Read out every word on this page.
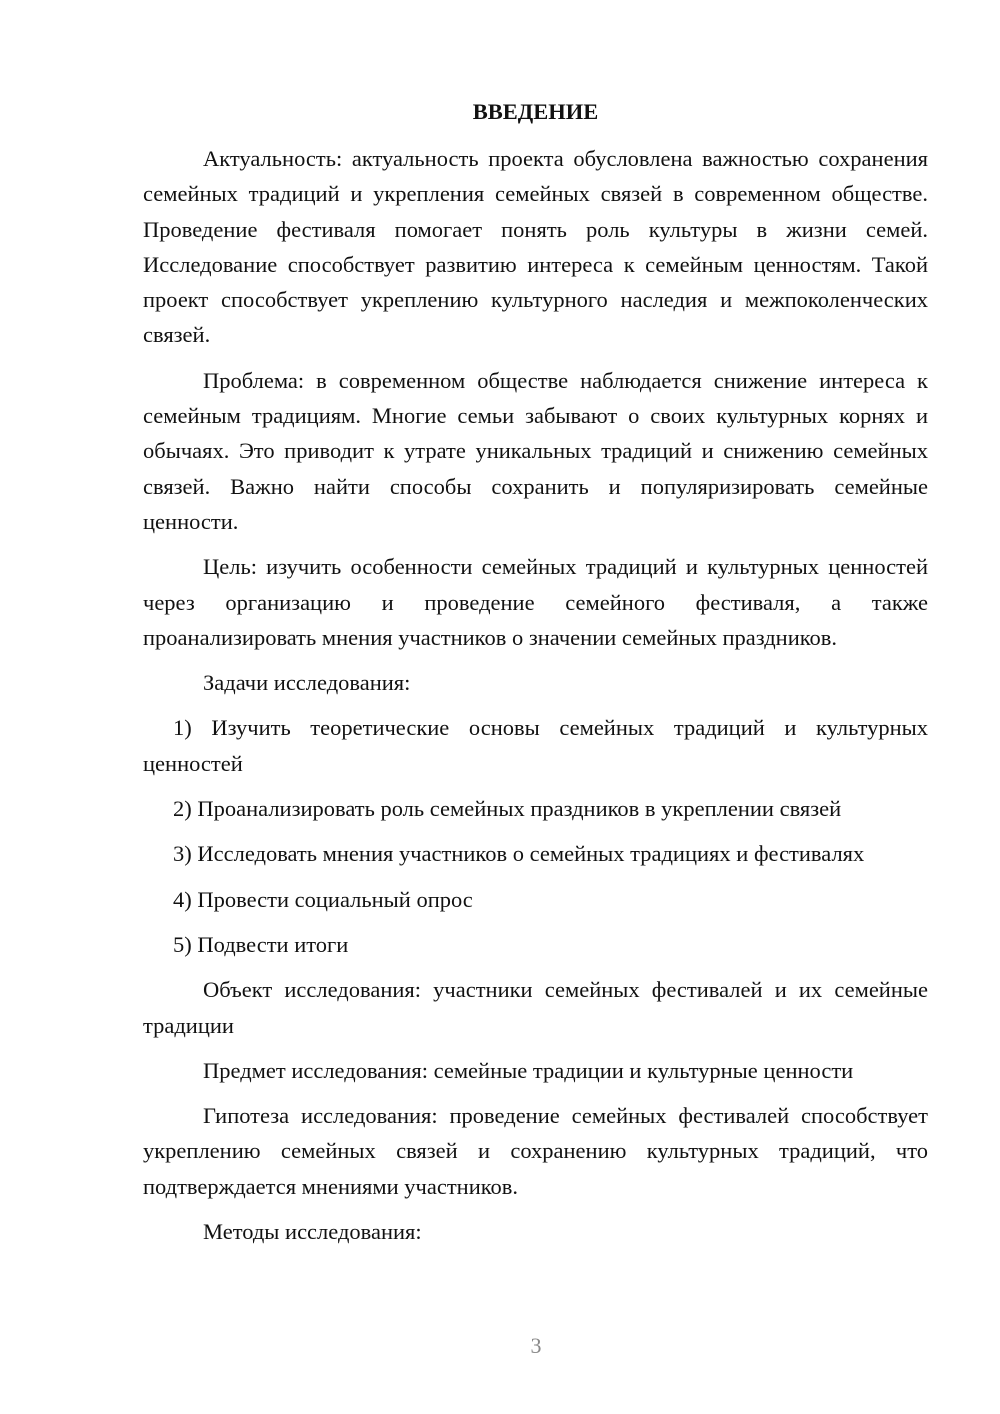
ВВЕДЕНИЕ

Актуальность: актуальность проекта обусловлена важностью сохранения семейных традиций и укрепления семейных связей в современном обществе. Проведение фестиваля помогает понять роль культуры в жизни семей. Исследование способствует развитию интереса к семейным ценностям. Такой проект способствует укреплению культурного наследия и межпоколенческих связей.

Проблема: в современном обществе наблюдается снижение интереса к семейным традициям. Многие семьи забывают о своих культурных корнях и обычаях. Это приводит к утрате уникальных традиций и снижению семейных связей. Важно найти способы сохранить и популяризировать семейные ценности.

Цель: изучить особенности семейных традиций и культурных ценностей через организацию и проведение семейного фестиваля, а также проанализировать мнения участников о значении семейных праздников.

Задачи исследования:

1) Изучить теоретические основы семейных традиций и культурных ценностей

2) Проанализировать роль семейных праздников в укреплении связей

3) Исследовать мнения участников о семейных традициях и фестивалях

4) Провести социальный опрос

5) Подвести итоги

Объект исследования: участники семейных фестивалей и их семейные традиции

Предмет исследования: семейные традиции и культурные ценности

Гипотеза исследования: проведение семейных фестивалей способствует укреплению семейных связей и сохранению культурных традиций, что подтверждается мнениями участников.

Методы исследования:

3
